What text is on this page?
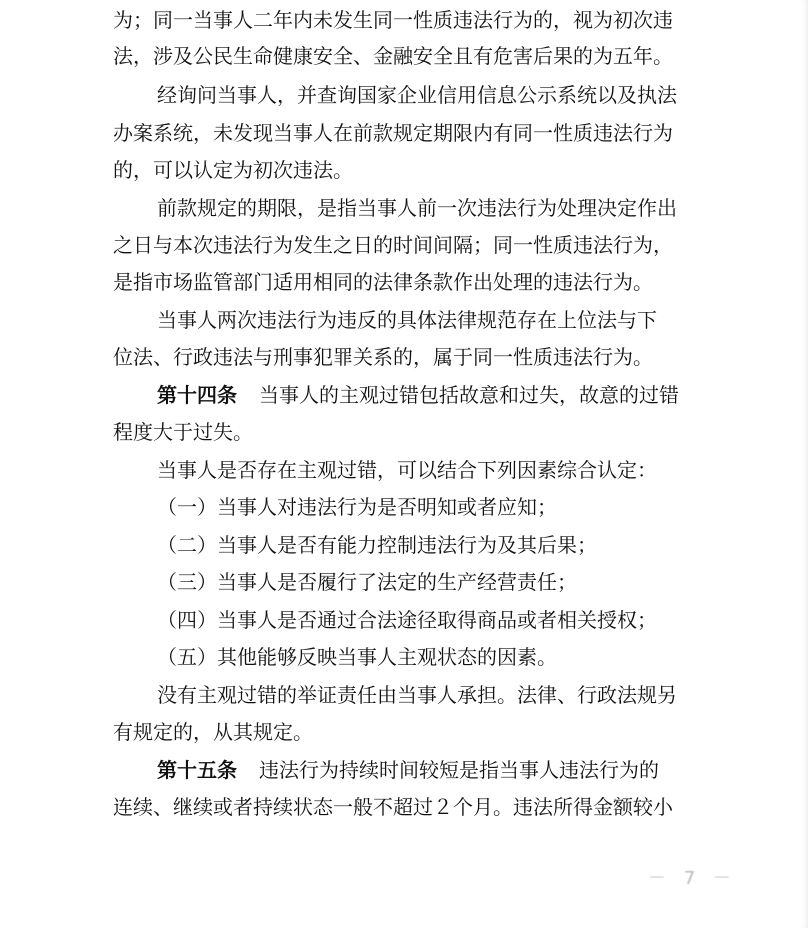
为；同一当事人二年内未发生同一性质违法行为的，视为初次违
法，涉及公民生命健康安全、金融安全且有危害后果的为五年。
经询问当事人，并查询国家企业信用信息公示系统以及执法
办案系统，未发现当事人在前款规定期限内有同一性质违法行为
的，可以认定为初次违法。
前款规定的期限，是指当事人前一次违法行为处理决定作出
之日与本次违法行为发生之日的时间间隔；同一性质违法行为，
是指市场监管部门适用相同的法律条款作出处理的违法行为。
当事人两次违法行为违反的具体法律规范存在上位法与下
位法、行政违法与刑事犯罪关系的，属于同一性质违法行为。
第十四条 当事人的主观过错包括故意和过失，故意的过错
程度大于过失。
当事人是否存在主观过错，可以结合下列因素综合认定：
（一）当事人对违法行为是否明知或者应知；
（二）当事人是否有能力控制违法行为及其后果；
（三）当事人是否履行了法定的生产经营责任；
（四）当事人是否通过合法途径取得商品或者相关授权；
（五）其他能够反映当事人主观状态的因素。
没有主观过错的举证责任由当事人承担。法律、行政法规另
有规定的，从其规定。
第十五条 违法行为持续时间较短是指当事人违法行为的
连续、继续或者持续状态一般不超过２个月。违法所得金额较小
－ 7 －
